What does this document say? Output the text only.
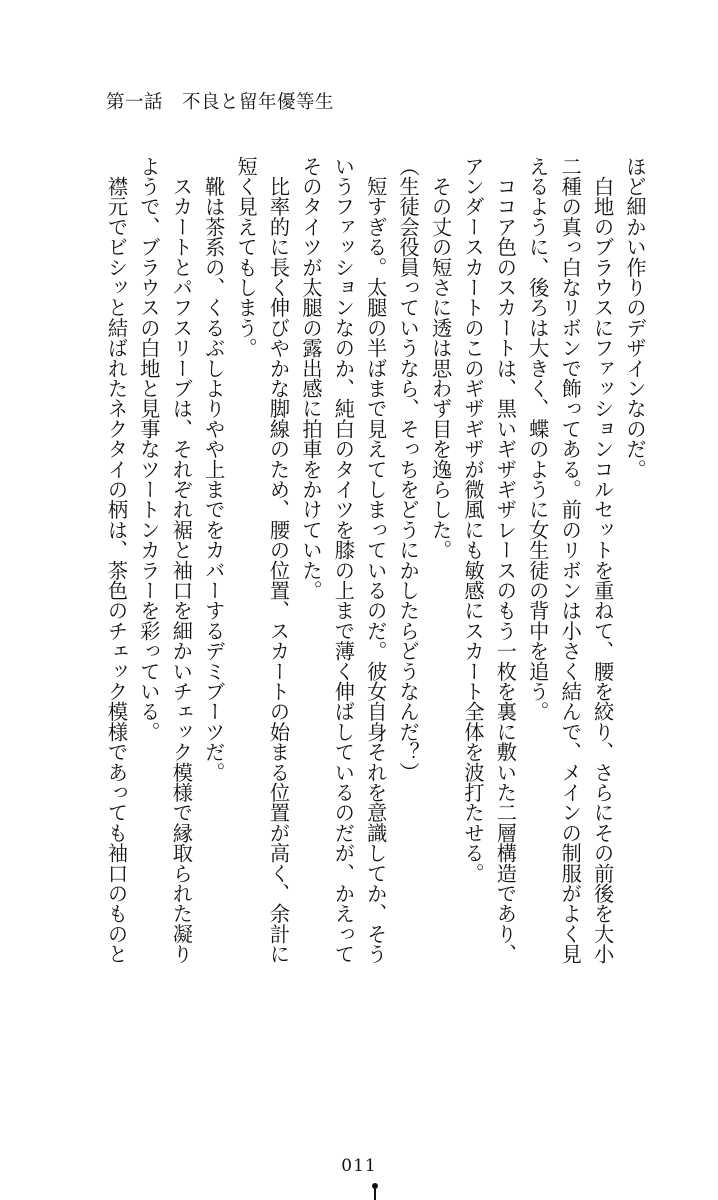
第一話　不良と留年優等生

ほど細かい作りのデザインなのだ。

　白地のブラウスにファッションコルセットを重ねて、腰を絞り、さらにその前後を大小

二種の真っ白なリボンで飾ってある。前のリボンは小さく結んで、メインの制服がよく見

えるように、後ろは大きく、蝶のように女生徒の背中を追う。

　ココア色のスカートは、黒いギザギザレースのもう一枚を裏に敷いた二層構造であり、

アンダースカートのこのギザギザが微風にも敏感にスカート全体を波打たせる。

　その丈の短さに透は思わず目を逸らした。

（生徒会役員っていうなら、そっちをどうにかしたらどうなんだ？）

　短すぎる。太腿の半ばまで見えてしまっているのだ。彼女自身それを意識してか、そう

いうファッションなのか、純白のタイツを膝の上まで薄く伸ばしているのだが、かえって

そのタイツが太腿の露出感に拍車をかけていた。

　比率的に長く伸びやかな脚線のため、腰の位置、スカートの始まる位置が高く、余計に

短く見えてもしまう。

　靴は茶系の、くるぶしよりやや上までをカバーするデミブーツだ。

　スカートとパフスリーブは、それぞれ裾と袖口を細かいチェック模様で縁取られた凝り

ようで、ブラウスの白地と見事なツートンカラーを彩っている。

　襟元でビシッと結ばれたネクタイの柄は、茶色のチェック模様であっても袖口のものと

011
